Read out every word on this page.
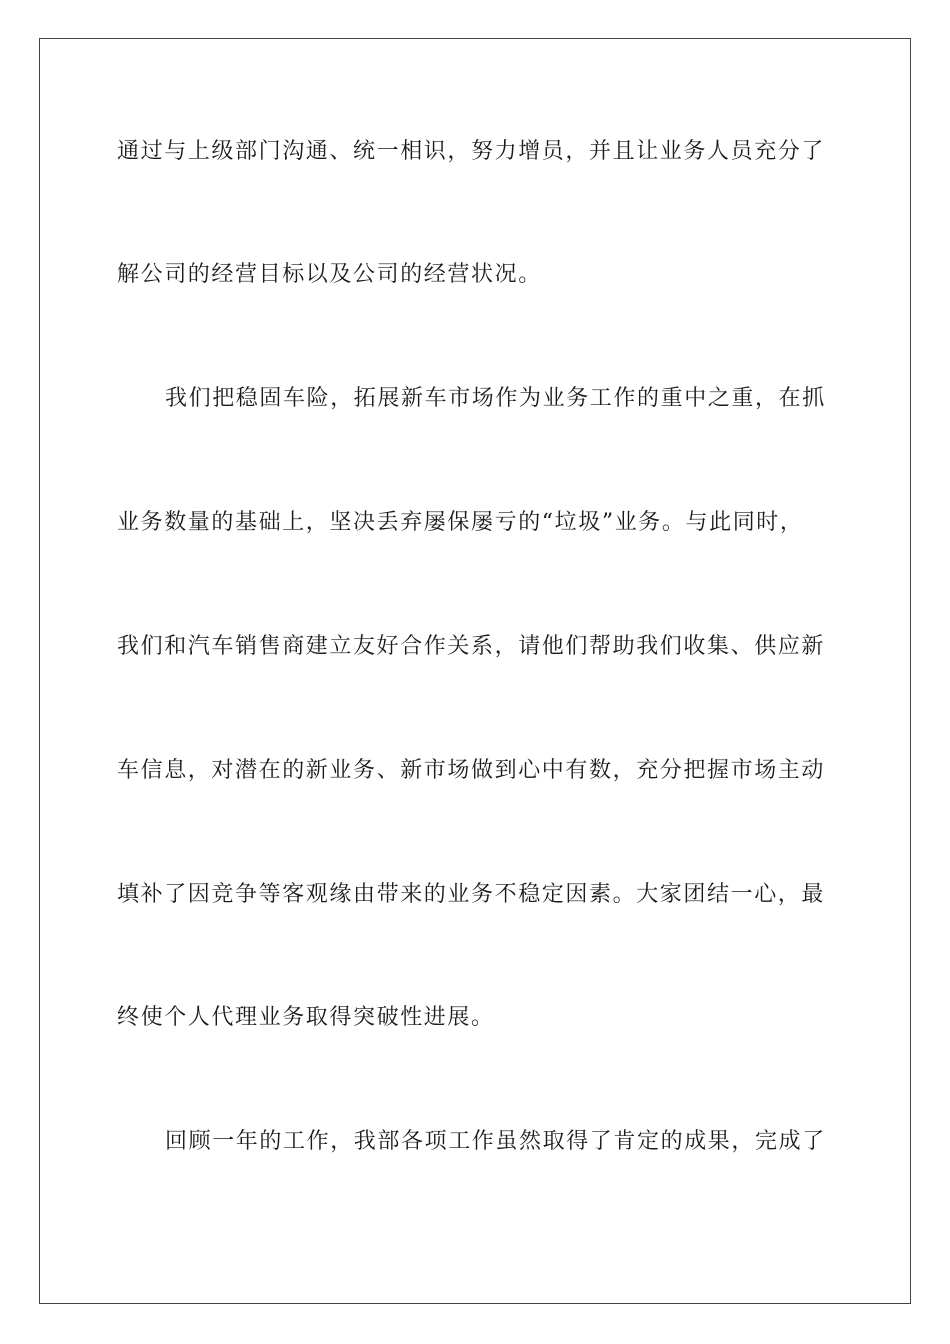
通过与上级部门沟通、统一相识，努力增员，并且让业务人员充分了
解公司的经营目标以及公司的经营状况。
我们把稳固车险，拓展新车市场作为业务工作的重中之重，在抓
业务数量的基础上，坚决丢弃屡保屡亏的“垃圾”业务。与此同时，
我们和汽车销售商建立友好合作关系，请他们帮助我们收集、供应新
车信息，对潜在的新业务、新市场做到心中有数，充分把握市场主动
填补了因竞争等客观缘由带来的业务不稳定因素。大家团结一心，最
终使个人代理业务取得突破性进展。
回顾一年的工作，我部各项工作虽然取得了肯定的成果，完成了
